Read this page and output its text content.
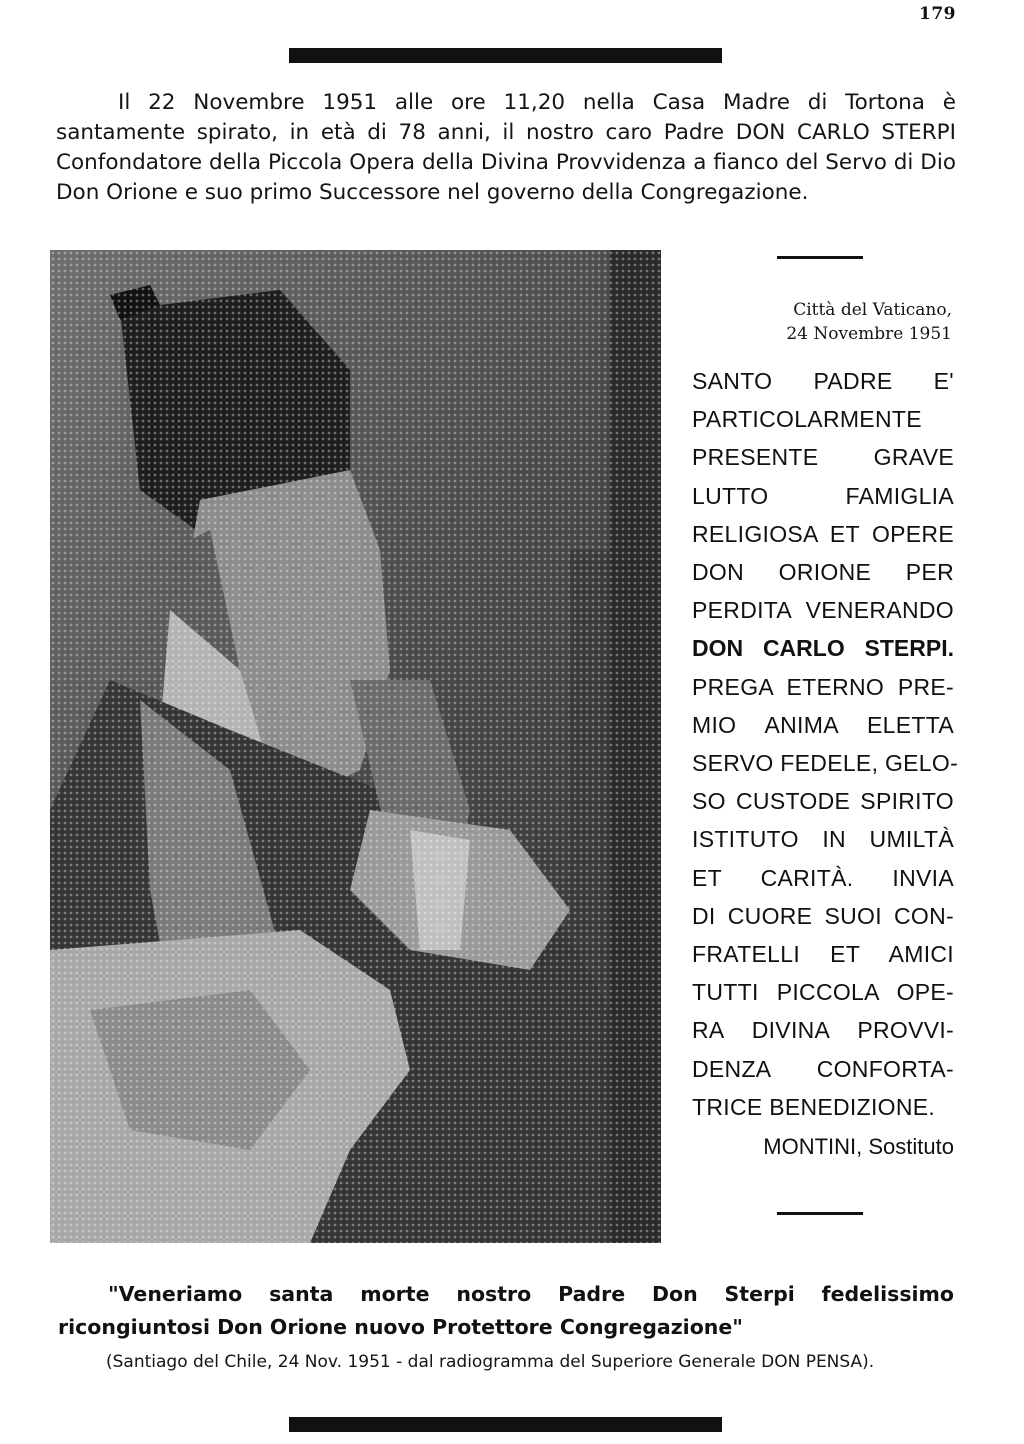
179

Il 22 Novembre 1951 alle ore 11,20 nella Casa Madre di Tortona è santamente spirato, in età di 78 anni, il nostro caro Padre DON CARLO STERPI Confondatore della Piccola Opera della Divina Provvidenza a fianco del Servo di Dio Don Orione e suo primo Successore nel governo della Congregazione.

Città del Vaticano,
24 Novembre 1951
SANTO PADRE E'
PARTICOLARMENTE
PRESENTE GRAVE
LUTTO FAMIGLIA
RELIGIOSA ET OPERE
DON ORIONE PER
PERDITA VENERANDO
DON CARLO STERPI.
PREGA ETERNO PRE-
MIO ANIMA ELETTA
SERVO FEDELE, GELO-
SO CUSTODE SPIRITO
ISTITUTO IN UMILTÀ
ET CARITÀ. INVIA
DI CUORE SUOI CON-
FRATELLI ET AMICI
TUTTI PICCOLA OPE-
RA DIVINA PROVVI-
DENZA CONFORTA-
TRICE BENEDIZIONE.
MONTINI, Sostituto

"Veneriamo santa morte nostro Padre Don Sterpi fedelissimo ricongiuntosi Don Orione nuovo Protettore Congregazione"

(Santiago del Chile, 24 Nov. 1951 - dal radiogramma del Superiore Generale DON PENSA).
